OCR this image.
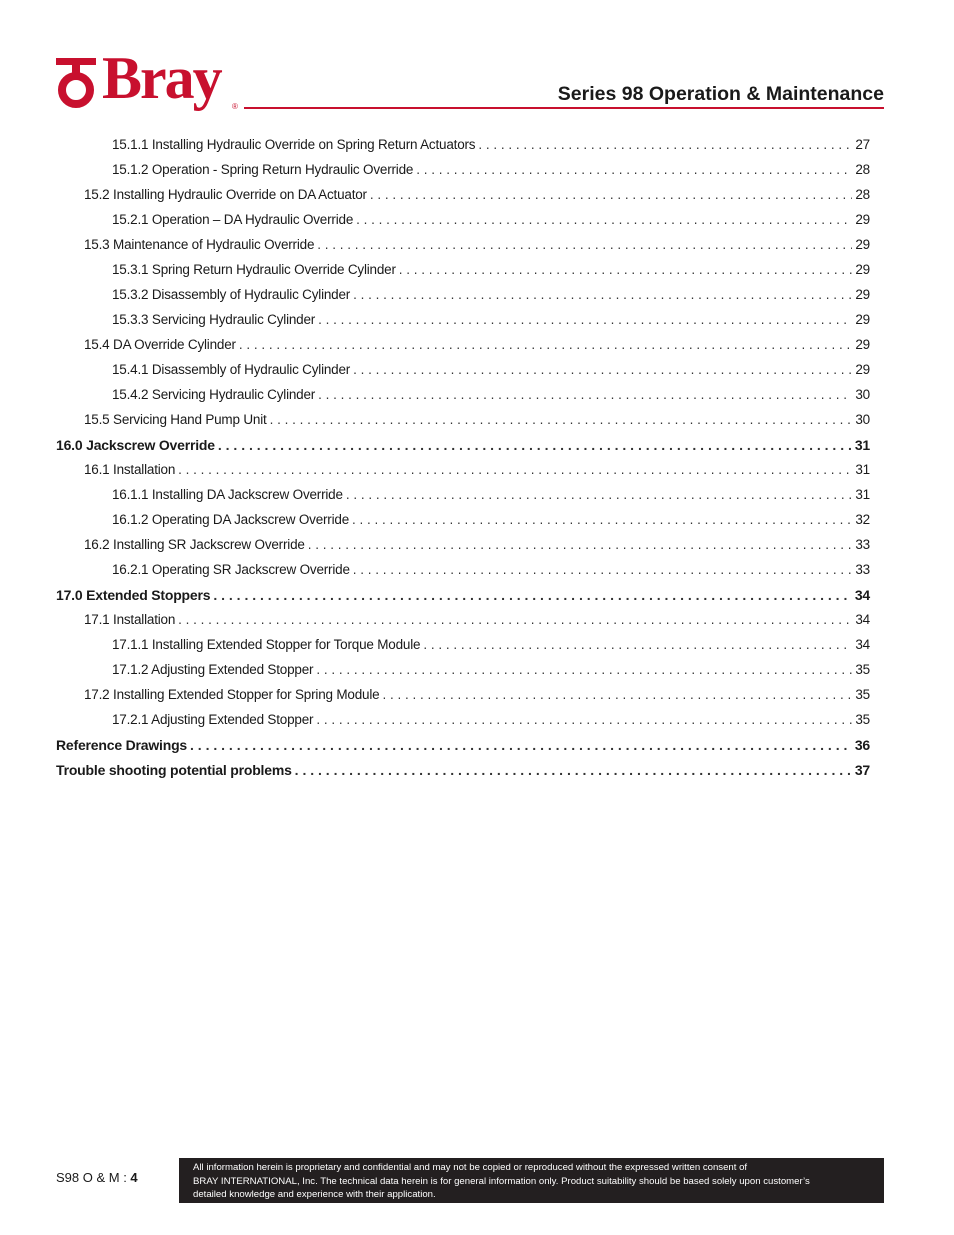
Bray ®
Series 98 Operation & Maintenance
15.1.1 Installing Hydraulic Override on Spring Return Actuators . . .	27
15.1.2 Operation - Spring Return Hydraulic Override . . .	28
15.2 Installing Hydraulic Override on DA Actuator . . .	28
15.2.1 Operation – DA Hydraulic Override . . .	29
15.3 Maintenance of Hydraulic Override . . .	29
15.3.1 Spring Return Hydraulic Override Cylinder . . .	29
15.3.2 Disassembly of Hydraulic Cylinder . . .	29
15.3.3 Servicing Hydraulic Cylinder . . .	29
15.4 DA Override Cylinder . . .	29
15.4.1 Disassembly of Hydraulic Cylinder . . .	29
15.4.2 Servicing Hydraulic Cylinder . . .	30
15.5 Servicing Hand Pump Unit . . .	30
16.0 Jackscrew Override . . .	31
16.1 Installation . . .	31
16.1.1 Installing DA Jackscrew Override . . .	31
16.1.2 Operating DA Jackscrew Override . . .	32
16.2 Installing SR Jackscrew Override . . .	33
16.2.1 Operating SR Jackscrew Override . . .	33
17.0 Extended Stoppers . . .	34
17.1 Installation . . .	34
17.1.1 Installing Extended Stopper for Torque Module . . .	34
17.1.2 Adjusting Extended Stopper . . .	35
17.2 Installing Extended Stopper for Spring Module . . .	35
17.2.1 Adjusting Extended Stopper . . .	35
Reference Drawings . . .	36
Trouble shooting potential problems . . .	37
S98 O & M : 4
All information herein is proprietary and confidential and may not be copied or reproduced without the expressed written consent of
BRAY INTERNATIONAL, Inc. The technical data herein is for general information only. Product suitability should be based solely upon customer’s
detailed knowledge and experience with their application.
